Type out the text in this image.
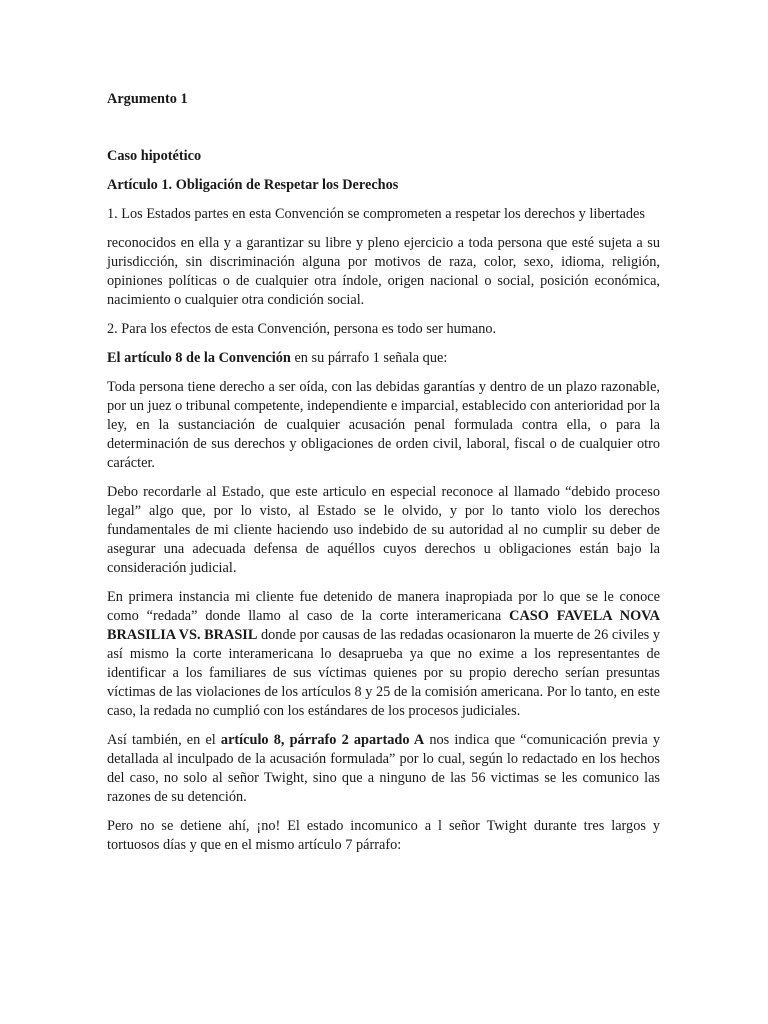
Argumento 1

Caso hipotético

Artículo 1. Obligación de Respetar los Derechos

1. Los Estados partes en esta Convención se comprometen a respetar los derechos y libertades

reconocidos en ella y a garantizar su libre y pleno ejercicio a toda persona que esté sujeta a su jurisdicción, sin discriminación alguna por motivos de raza, color, sexo, idioma, religión, opiniones políticas o de cualquier otra índole, origen nacional o social, posición económica, nacimiento o cualquier otra condición social.

2. Para los efectos de esta Convención, persona es todo ser humano.

El artículo 8 de la Convención en su párrafo 1 señala que:

Toda persona tiene derecho a ser oída, con las debidas garantías y dentro de un plazo razonable, por un juez o tribunal competente, independiente e imparcial, establecido con anterioridad por la ley, en la sustanciación de cualquier acusación penal formulada contra ella, o para la determinación de sus derechos y obligaciones de orden civil, laboral, fiscal o de cualquier otro carácter.

Debo recordarle al Estado, que este articulo en especial reconoce al llamado “debido proceso legal” algo que, por lo visto, al Estado se le olvido, y por lo tanto violo los derechos fundamentales de mi cliente haciendo uso indebido de su autoridad al no cumplir su deber de asegurar una adecuada defensa de aquéllos cuyos derechos u obligaciones están bajo la consideración judicial.

En primera instancia mi cliente fue detenido de manera inapropiada por lo que se le conoce como “redada” donde llamo al caso de la corte interamericana CASO FAVELA NOVA BRASILIA VS. BRASIL donde por causas de las redadas ocasionaron la muerte de 26 civiles y así mismo la corte interamericana lo desaprueba ya que no exime a los representantes de identificar a los familiares de sus víctimas quienes por su propio derecho serían presuntas víctimas de las violaciones de los artículos 8 y 25 de la comisión americana. Por lo tanto, en este caso, la redada no cumplió con los estándares de los procesos judiciales.

Así también, en el artículo 8, párrafo 2 apartado A nos indica que “comunicación previa y detallada al inculpado de la acusación formulada” por lo cual, según lo redactado en los hechos del caso, no solo al señor Twight, sino que a ninguno de las 56 victimas se les comunico las razones de su detención.

Pero no se detiene ahí, ¡no! El estado incomunico a l señor Twight durante tres largos y tortuosos días y que en el mismo artículo 7 párrafo:
